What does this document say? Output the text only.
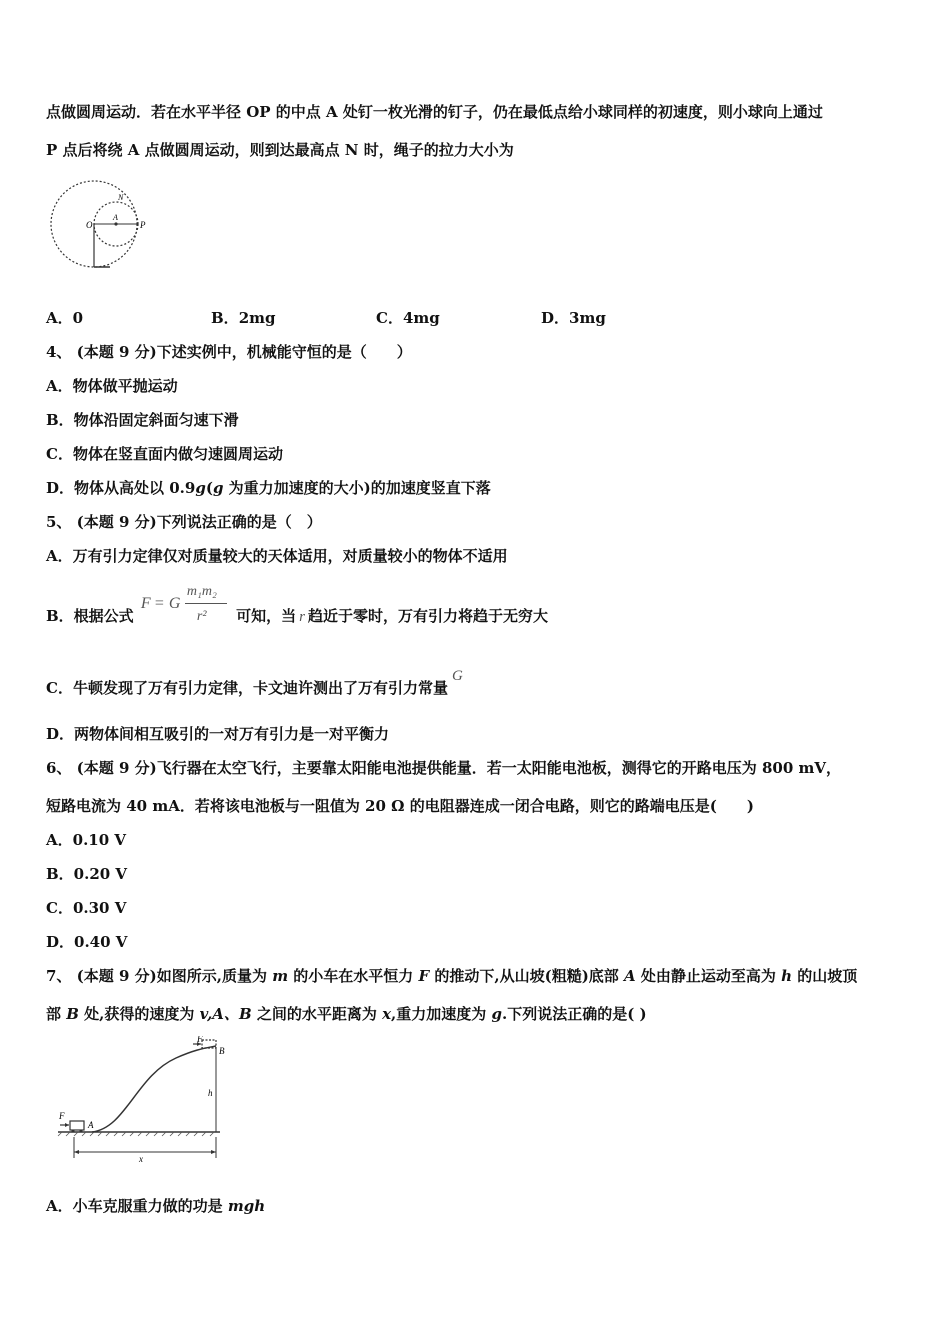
点做圆周运动．若在水平半径 OP 的中点 A 处钉一枚光滑的钉子，仍在最低点给小球同样的初速度，则小球向上通过
P 点后将绕 A 点做圆周运动，则到达最高点 N 时，绳子的拉力大小为
O
A
P
N
A．0	B．2mg	C．4mg	D．3mg
4、 (本题 9 分)下述实例中，机械能守恒的是（　　）
A．物体做平抛运动
B．物体沿固定斜面匀速下滑
C．物体在竖直面内做匀速圆周运动
D．物体从高处以 0.9g(g 为重力加速度的大小)的加速度竖直下落
5、 (本题 9 分)下列说法正确的是（　）
A．万有引力定律仅对质量较大的天体适用，对质量较小的物体不适用
B．根据公式
F = G
m₁m₂
r² 可知，当 r 趋近于零时，万有引力将趋于无穷大
C．牛顿发现了万有引力定律，卡文迪许测出了万有引力常量G
D．两物体间相互吸引的一对万有引力是一对平衡力
6、 (本题 9 分)飞行器在太空飞行，主要靠太阳能电池提供能量．若一太阳能电池板，测得它的开路电压为 800 mV，
短路电流为 40 mA．若将该电池板与一阻值为 20 Ω 的电阻器连成一闭合电路，则它的路端电压是(　　)
A．0.10 V
B．0.20 V
C．0.30 V
D．0.40 V
7、 (本题 9 分)如图所示,质量为 m 的小车在水平恒力 F 的推动下,从山坡(粗糙)底部 A 处由静止运动至高为 h 的山坡顶
部 B 处,获得的速度为 v,A、B 之间的水平距离为 x,重力加速度为 g.下列说法正确的是( )
F
A
F
B
h
x
A．小车克服重力做的功是 mgh
